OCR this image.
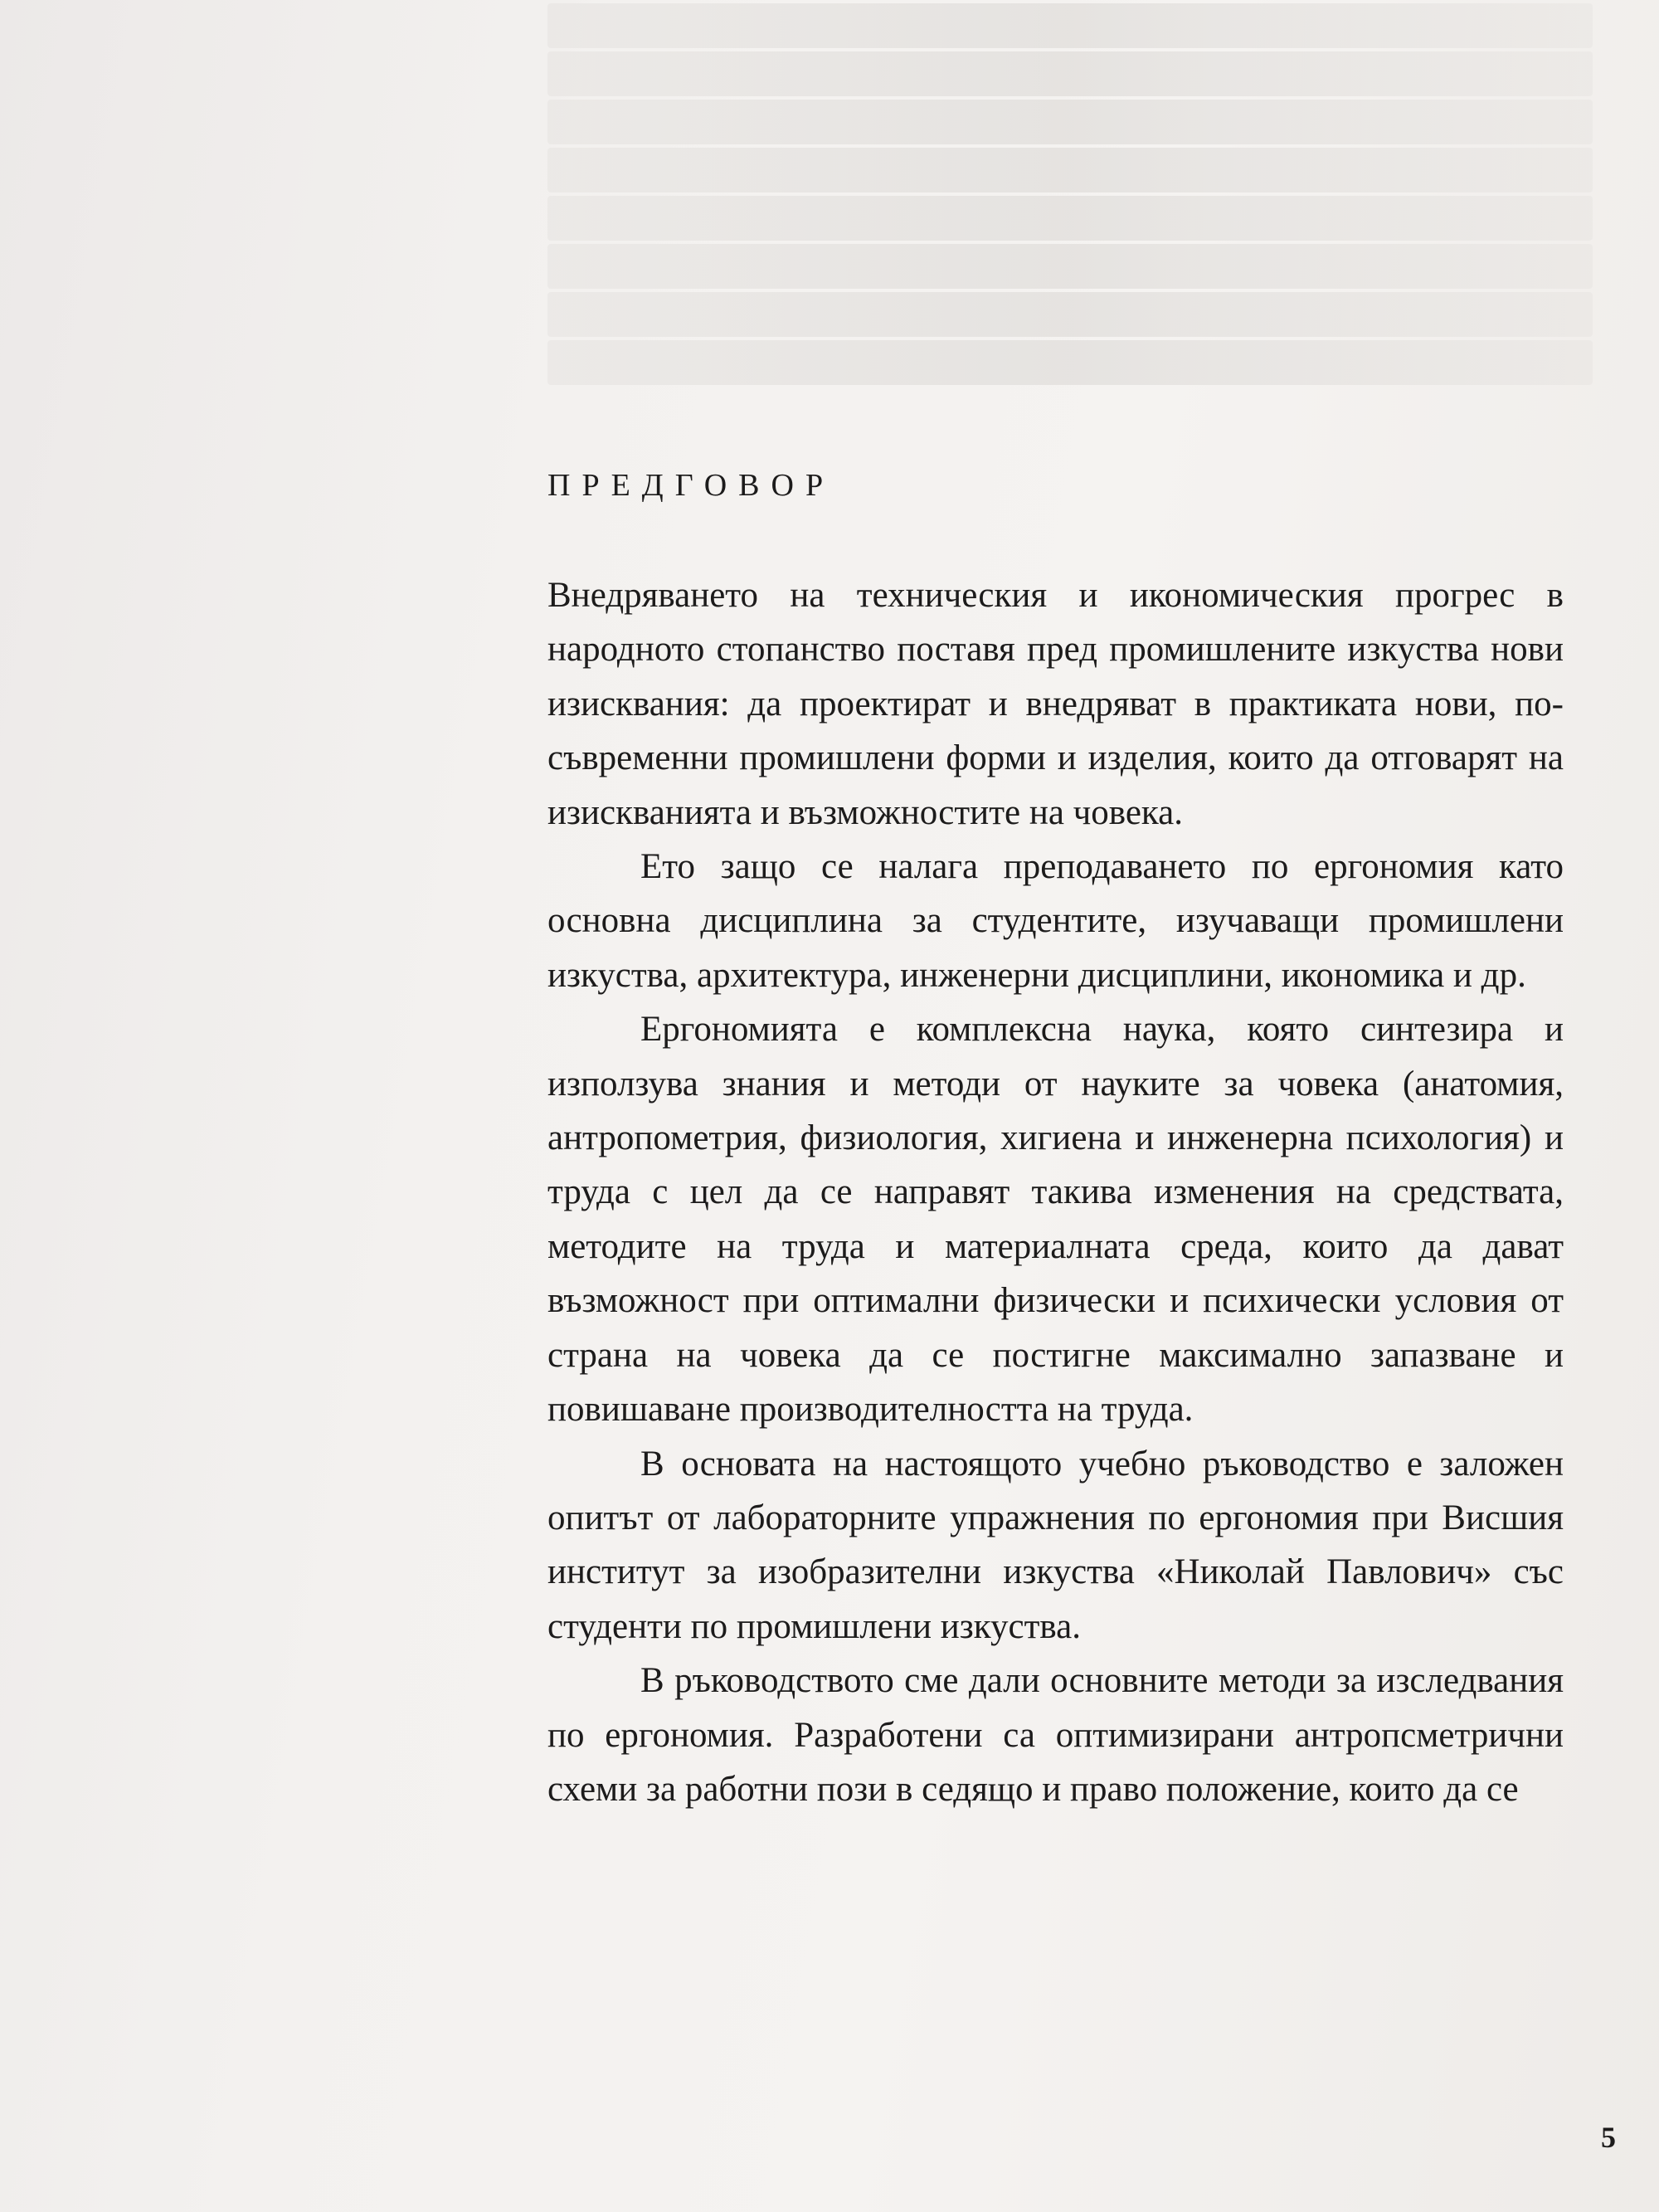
ПРЕДГОВОР

Внедряването на техническия и икономическия прогрес в народното стопанство поставя пред промишлените изкуства нови изисквания: да проектират и внедряват в практиката нови, по-съвременни промишлени форми и изделия, които да отговарят на изискванията и възможностите на човека.

Ето защо се налага преподаването по ергономия като основна дисциплина за студентите, изучаващи промишлени изкуства, архитектура, инженерни дисциплини, икономика и др.

Ергономията е комплексна наука, която синтезира и използува знания и методи от науките за човека (анатомия, антропометрия, физиология, хигиена и инженерна психология) и труда с цел да се направят такива изменения на средствата, методите на труда и материалната среда, които да дават възможност при оптимални физически и психически условия от страна на човека да се постигне максимално запазване и повишаване производителността на труда.

В основата на настоящото учебно ръководство е заложен опитът от лабораторните упражнения по ергономия при Висшия институт за изобразителни изкуства «Николай Павлович» със студенти по промишлени изкуства.

В ръководството сме дали основните методи за изследвания по ергономия. Разработени са оптимизирани антропсметрични схеми за работни пози в седящо и право положение, които да се

5
